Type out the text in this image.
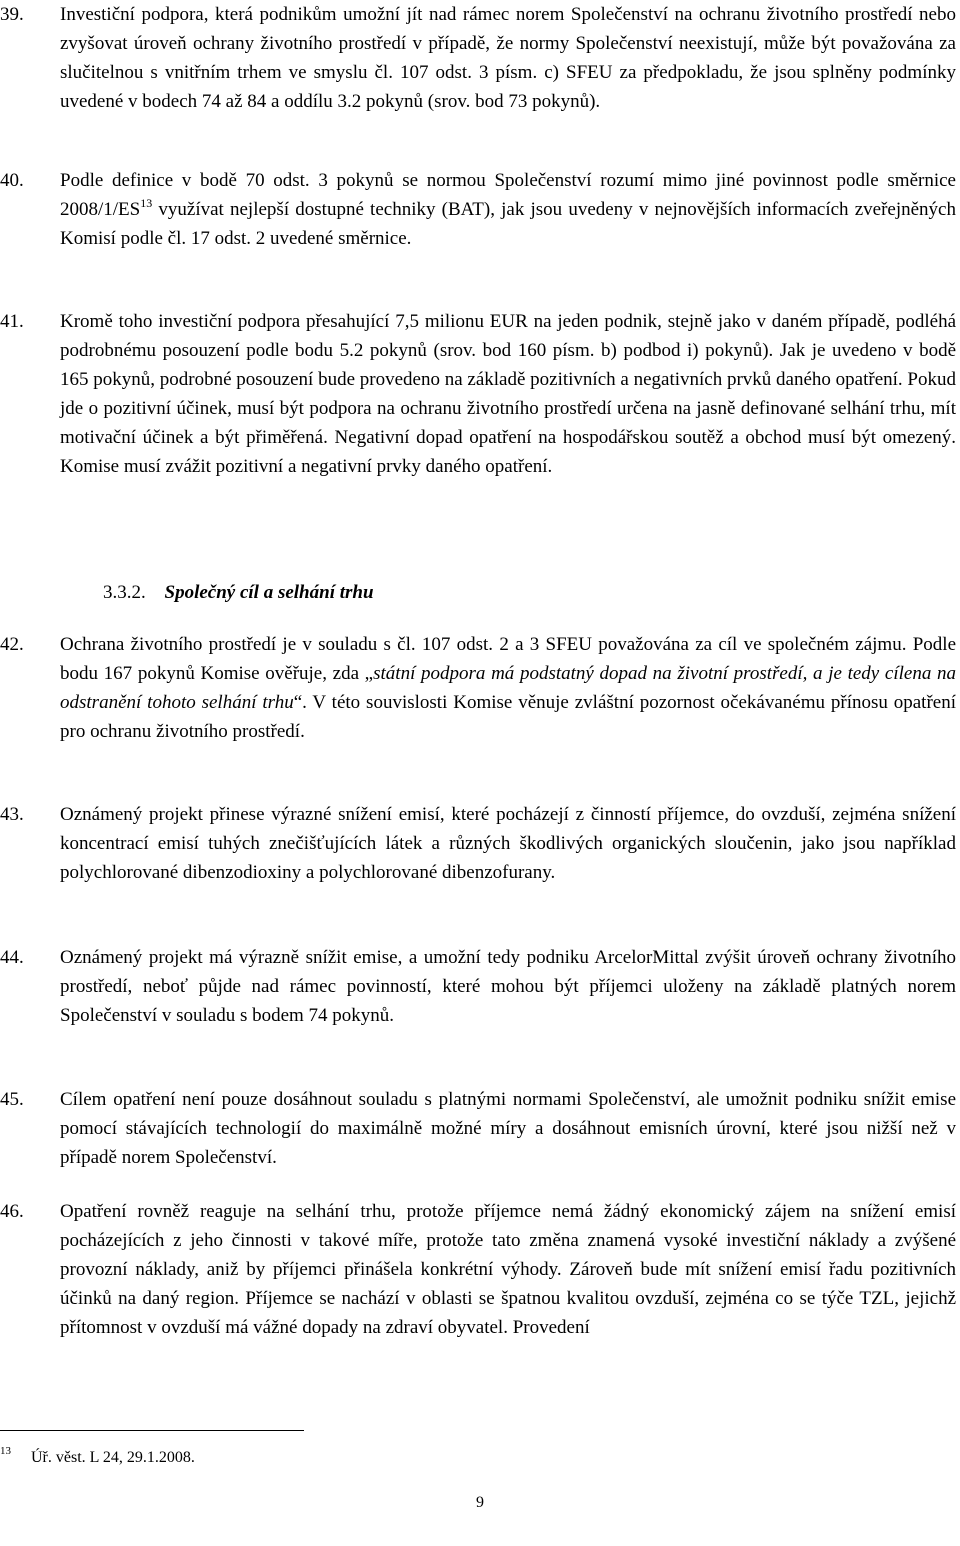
39.	Investiční podpora, která podnikům umožní jít nad rámec norem Společenství na ochranu životního prostředí nebo zvyšovat úroveň ochrany životního prostředí v případě, že normy Společenství neexistují, může být považována za slučitelnou s vnitřním trhem ve smyslu čl. 107 odst. 3 písm. c) SFEU za předpokladu, že jsou splněny podmínky uvedené v bodech 74 až 84 a oddílu 3.2 pokynů (srov. bod 73 pokynů).
40.	Podle definice v bodě 70 odst. 3 pokynů se normou Společenství rozumí mimo jiné povinnost podle směrnice 2008/1/ES$^{13}$ využívat nejlepší dostupné techniky (BAT), jak jsou uvedeny v nejnovějších informacích zveřejněných Komisí podle čl. 17 odst. 2 uvedené směrnice.
41.	Kromě toho investiční podpora přesahující 7,5 milionu EUR na jeden podnik, stejně jako v daném případě, podléhá podrobnému posouzení podle bodu 5.2 pokynů (srov. bod 160 písm. b) podbod i) pokynů). Jak je uvedeno v bodě 165 pokynů, podrobné posouzení bude provedeno na základě pozitivních a negativních prvků daného opatření. Pokud jde o pozitivní účinek, musí být podpora na ochranu životního prostředí určena na jasně definované selhání trhu, mít motivační účinek a být přiměřená. Negativní dopad opatření na hospodářskou soutěž a obchod musí být omezený. Komise musí zvážit pozitivní a negativní prvky daného opatření.
3.3.2. Společný cíl a selhání trhu
42.	Ochrana životního prostředí je v souladu s čl. 107 odst. 2 a 3 SFEU považována za cíl ve společném zájmu. Podle bodu 167 pokynů Komise ověřuje, zda „státní podpora má podstatný dopad na životní prostředí, a je tedy cílena na odstranění tohoto selhání trhu“. V této souvislosti Komise věnuje zvláštní pozornost očekávanému přínosu opatření pro ochranu životního prostředí.
43.	Oznámený projekt přinese výrazné snížení emisí, které pocházejí z činností příjemce, do ovzduší, zejména snížení koncentrací emisí tuhých znečišťujících látek a různých škodlivých organických sloučenin, jako jsou například polychlorované dibenzodioxiny a polychlorované dibenzofurany.
44.	Oznámený projekt má výrazně snížit emise, a umožní tedy podniku ArcelorMittal zvýšit úroveň ochrany životního prostředí, neboť půjde nad rámec povinností, které mohou být příjemci uloženy na základě platných norem Společenství v souladu s bodem 74 pokynů.
45.	Cílem opatření není pouze dosáhnout souladu s platnými normami Společenství, ale umožnit podniku snížit emise pomocí stávajících technologií do maximálně možné míry a dosáhnout emisních úrovní, které jsou nižší než v případě norem Společenství.
46.	Opatření rovněž reaguje na selhání trhu, protože příjemce nemá žádný ekonomický zájem na snížení emisí pocházejících z jeho činnosti v takové míře, protože tato změna znamená vysoké investiční náklady a zvýšené provozní náklady, aniž by příjemci přinášela konkrétní výhody. Zároveň bude mít snížení emisí řadu pozitivních účinků na daný region. Příjemce se nachází v oblasti se špatnou kvalitou ovzduší, zejména co se týče TZL, jejichž přítomnost v ovzduší má vážné dopady na zdraví obyvatel. Provedení
$^{13}$ Úř. věst. L 24, 29.1.2008.
9
